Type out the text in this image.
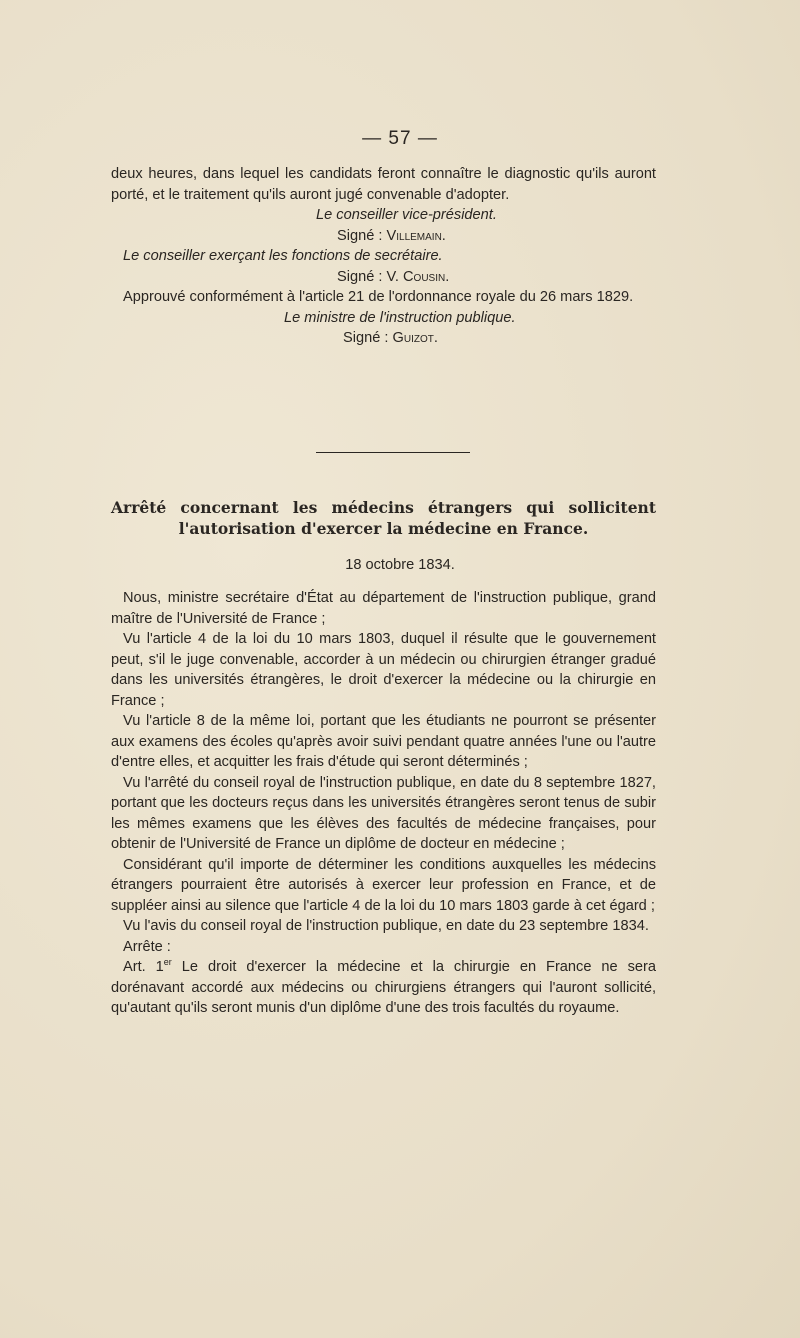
— 57 —

deux heures, dans lequel les candidats feront connaître le diagnostic qu'ils auront porté, et le traitement qu'ils auront jugé convenable d'adopter.

Le conseiller vice-président.
Signé : Villemain.
Le conseiller exerçant les fonctions de secrétaire.
Signé : V. Cousin.

Approuvé conformément à l'article 21 de l'ordonnance royale du 26 mars 1829.

Le ministre de l'instruction publique.
Signé : Guizot.
Arrêté concernant les médecins étrangers qui sollicitent l'autorisation d'exercer la médecine en France.
18 octobre 1834.

Nous, ministre secrétaire d'État au département de l'instruction publique, grand maître de l'Université de France ;

Vu l'article 4 de la loi du 10 mars 1803, duquel il résulte que le gouvernement peut, s'il le juge convenable, accorder à un médecin ou chirurgien étranger gradué dans les universités étrangères, le droit d'exercer la médecine ou la chirurgie en France ;

Vu l'article 8 de la même loi, portant que les étudiants ne pourront se présenter aux examens des écoles qu'après avoir suivi pendant quatre années l'une ou l'autre d'entre elles, et acquitter les frais d'étude qui seront déterminés ;

Vu l'arrêté du conseil royal de l'instruction publique, en date du 8 septembre 1827, portant que les docteurs reçus dans les universités étrangères seront tenus de subir les mêmes examens que les élèves des facultés de médecine françaises, pour obtenir de l'Université de France un diplôme de docteur en médecine ;

Considérant qu'il importe de déterminer les conditions auxquelles les médecins étrangers pourraient être autorisés à exercer leur profession en France, et de suppléer ainsi au silence que l'article 4 de la loi du 10 mars 1803 garde à cet égard ;

Vu l'avis du conseil royal de l'instruction publique, en date du 23 septembre 1834.

Arrête :

Art. 1er Le droit d'exercer la médecine et la chirurgie en France ne sera dorénavant accordé aux médecins ou chirurgiens étrangers qui l'auront sollicité, qu'autant qu'ils seront munis d'un diplôme d'une des trois facultés du royaume.
